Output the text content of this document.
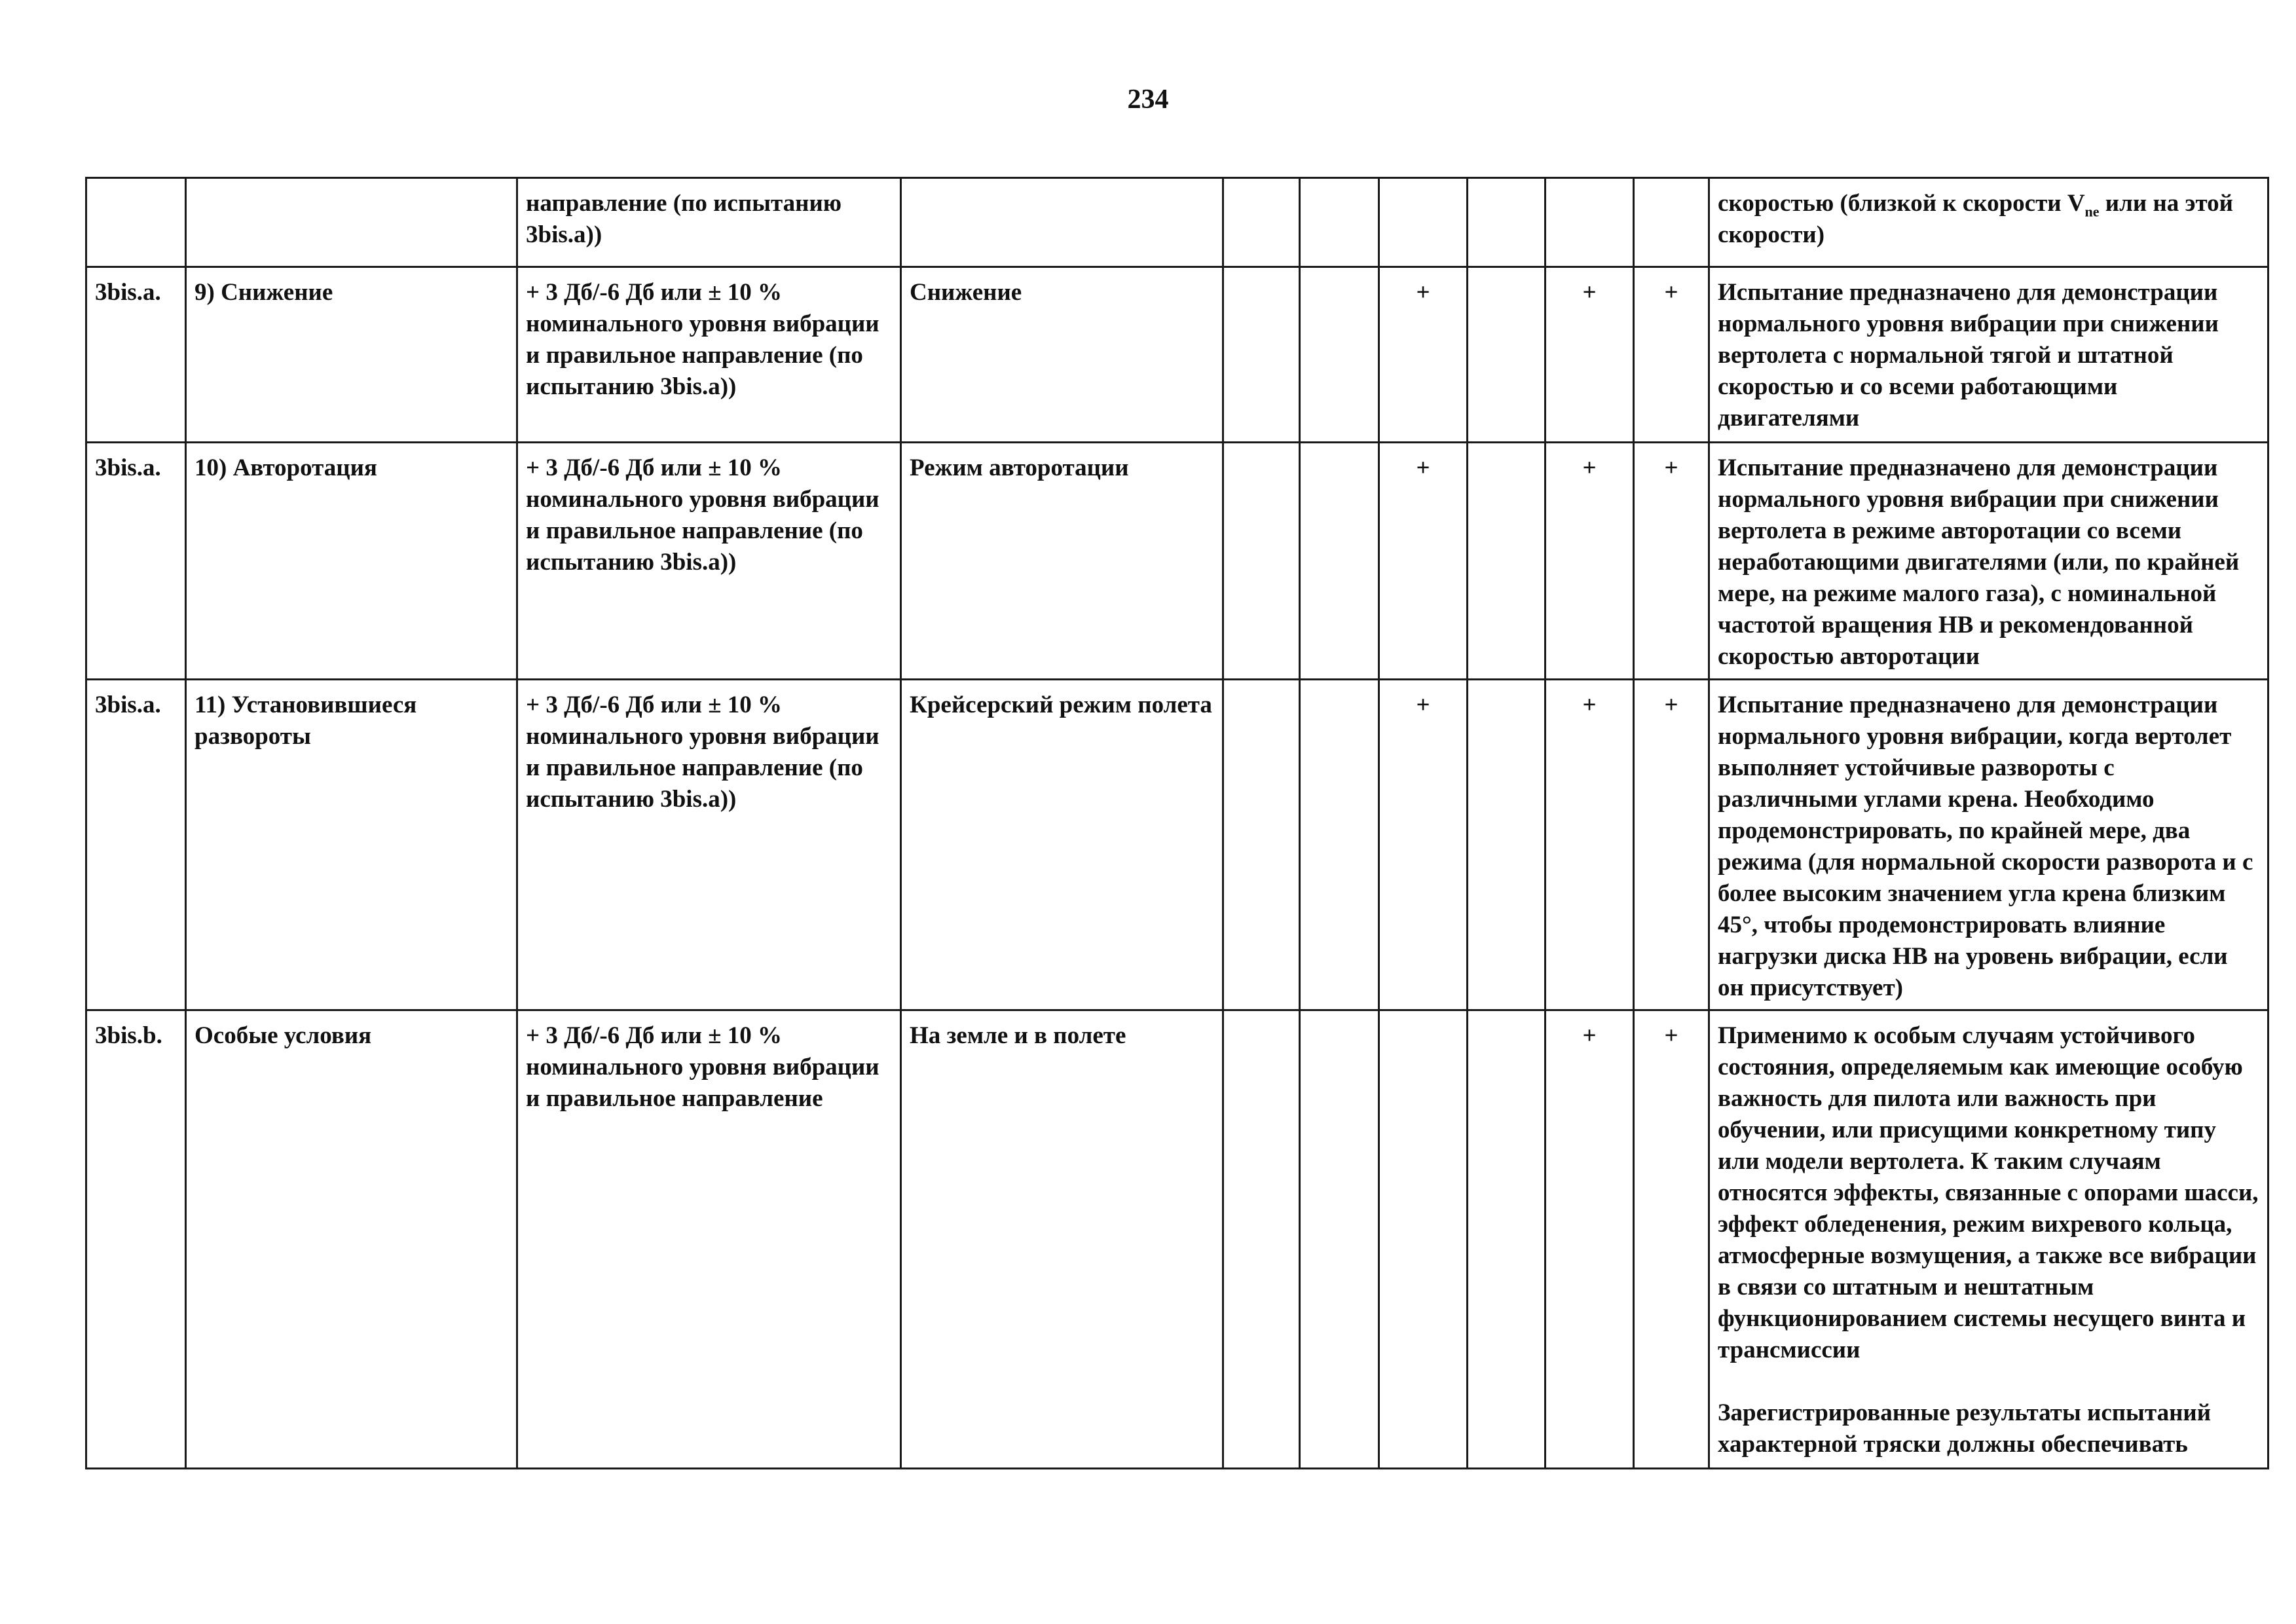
234
		направление (по испытанию 3bis.a))								скоростью (близкой к скорости $V_{ne}$ или на этой скорости)
3bis.a.	9) Снижение	+ 3 Дб/-6 Дб или ± 10 % номинального уровня вибрации и правильное направление (по испытанию 3bis.a))	Снижение			+		+	+	Испытание предназначено для демонстрации нормального уровня вибрации при снижении вертолета с нормальной тягой и штатной скоростью и со всеми работающими двигателями
3bis.a.	10) Авторотация	+ 3 Дб/-6 Дб или ± 10 % номинального уровня вибрации и правильное направление (по испытанию 3bis.a))	Режим авторотации			+		+	+	Испытание предназначено для демонстрации нормального уровня вибрации при снижении вертолета в режиме авторотации со всеми неработающими двигателями (или, по крайней мере, на режиме малого газа), с номинальной частотой вращения НВ и рекомендованной скоростью авторотации
3bis.a.	11) Установившиеся развороты	+ 3 Дб/-6 Дб или ± 10 % номинального уровня вибрации и правильное направление (по испытанию 3bis.a))	Крейсерский режим полета			+		+	+	Испытание предназначено для демонстрации нормального уровня вибрации, когда вертолет выполняет устойчивые развороты с различными углами крена. Необходимо продемонстрировать, по крайней мере, два режима (для нормальной скорости разворота и с более высоким значением угла крена близким 45°, чтобы продемонстрировать влияние нагрузки диска НВ на уровень вибрации, если он присутствует)
3bis.b.	Особые условия	+ 3 Дб/-6 Дб или ± 10 % номинального уровня вибрации и правильное направление	На земле и в полете					+	+	Применимо к особым случаям устойчивого состояния, определяемым как имеющие особую важность для пилота или важность при обучении, или присущими конкретному типу или модели вертолета. К таким случаям относятся эффекты, связанные с опорами шасси, эффект обледенения, режим вихревого кольца, атмосферные возмущения, а также все вибрации в связи со штатным и нештатным функционированием системы несущего винта и трансмиссии
Зарегистрированные результаты испытаний характерной тряски должны обеспечивать
